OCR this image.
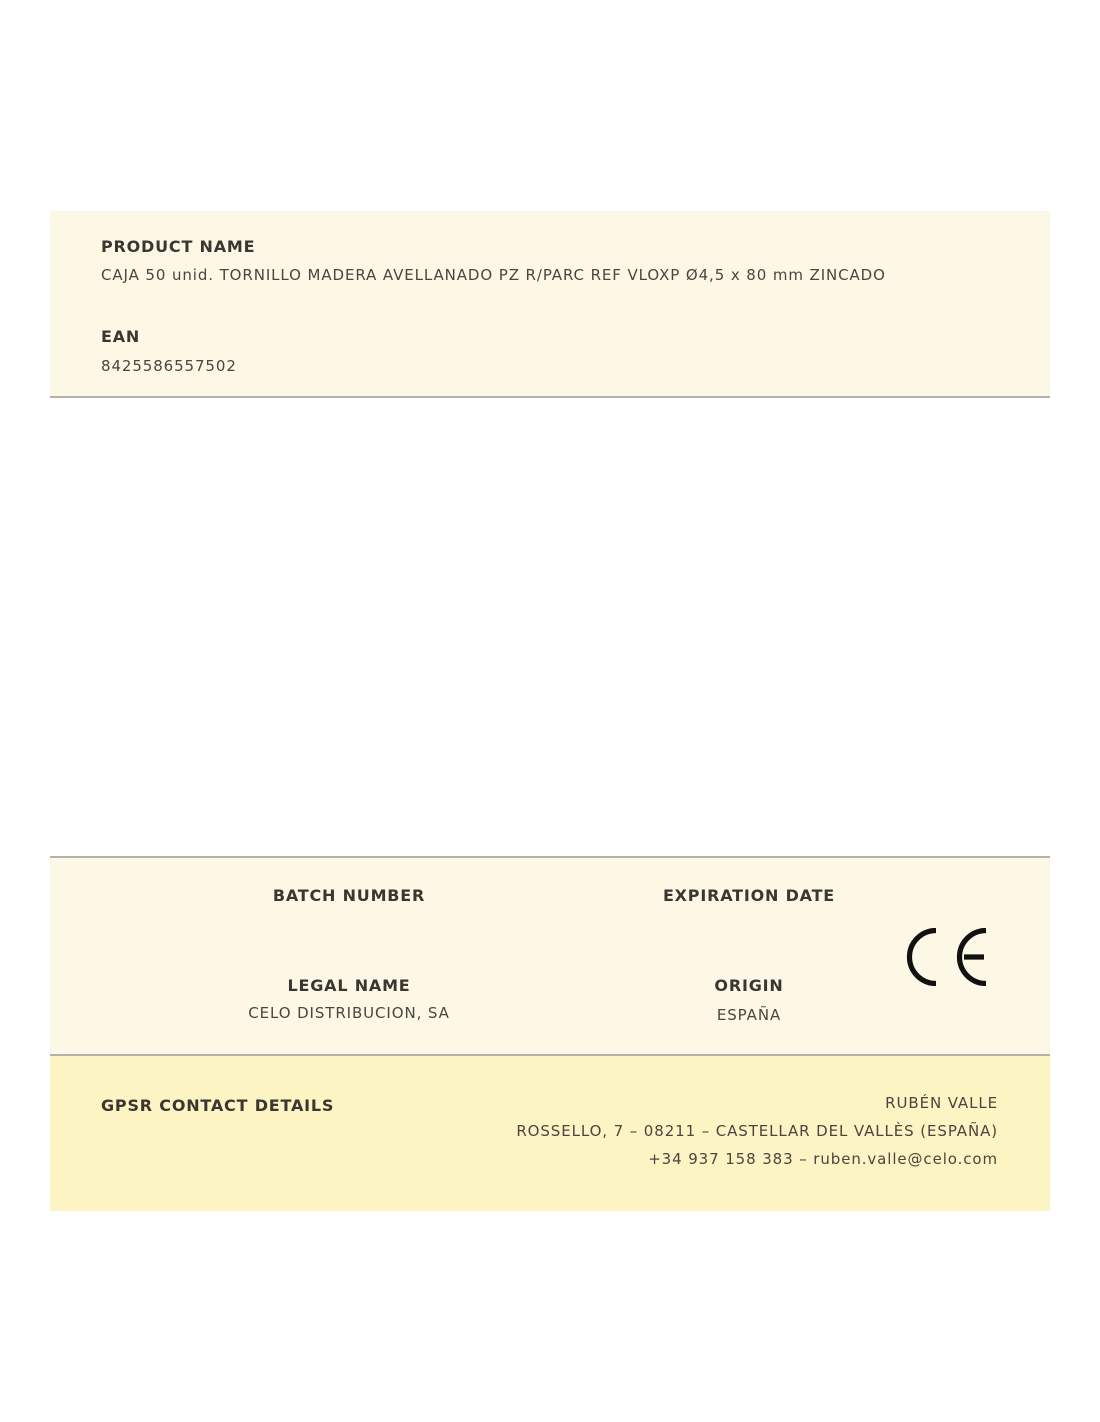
PRODUCT NAME
CAJA 50 unid. TORNILLO MADERA AVELLANADO PZ R/PARC REF VLOXP Ø4,5 x 80 mm ZINCADO
EAN
8425586557502
BATCH NUMBER	EXPIRATION DATE
LEGAL NAME
CELO DISTRIBUCION, SA
ORIGIN
ESPAÑA
GPSR CONTACT DETAILS	RUBÉN VALLE
ROSSELLO, 7 – 08211 – CASTELLAR DEL VALLÈS (ESPAÑA)
+34 937 158 383 – ruben.valle@celo.com
